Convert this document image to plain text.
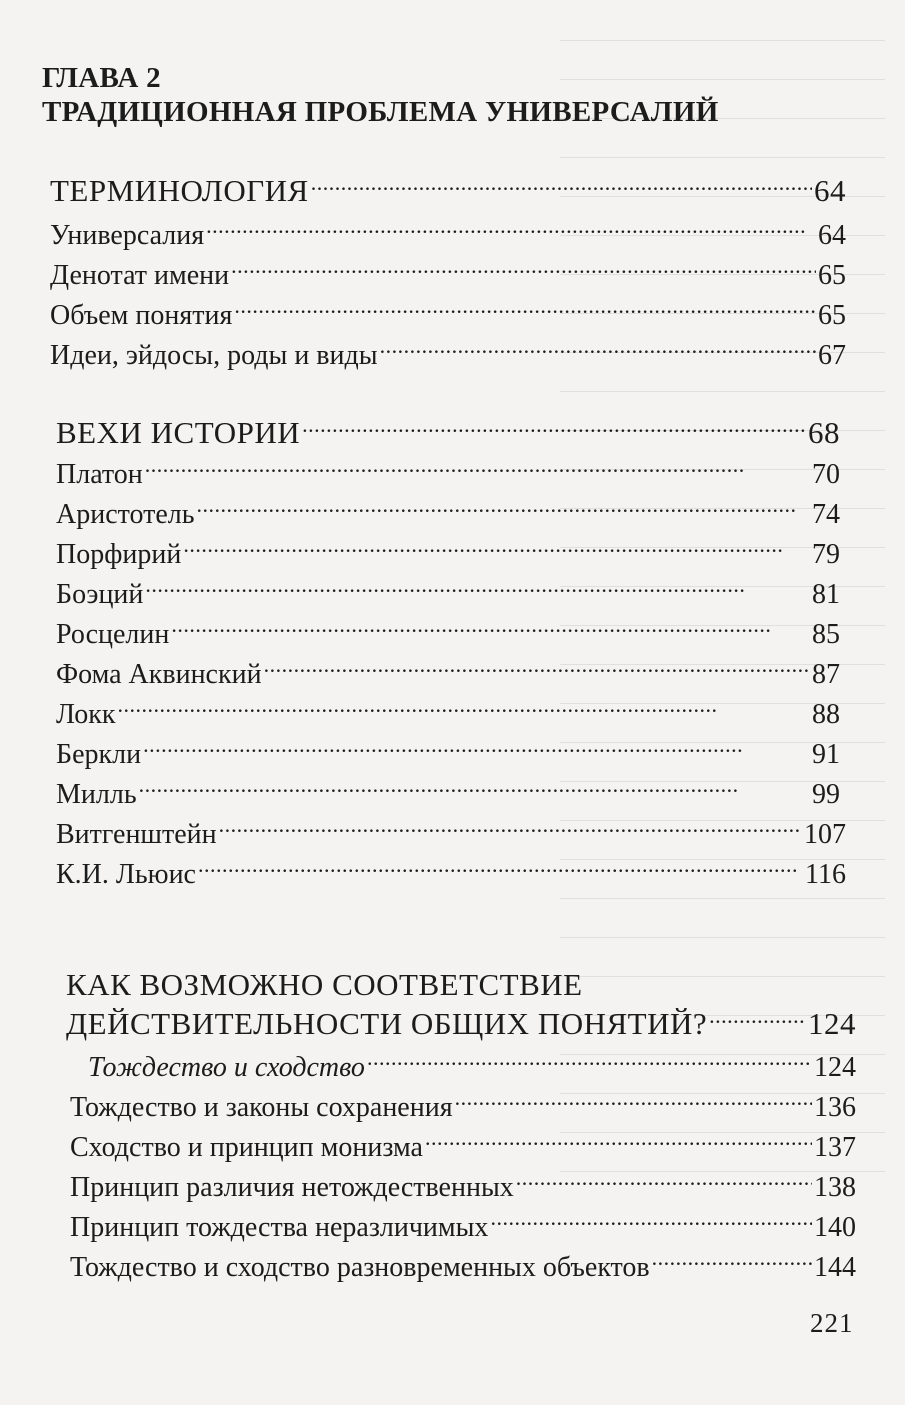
ГЛАВА 2
ТРАДИЦИОННАЯ ПРОБЛЕМА УНИВЕРСАЛИЙ
ТЕРМИНОЛОГИЯ . . .	64
Универсалия . . .	64
Денотат имени . . .	65
Объем понятия . . .	65
Идеи, эйдосы, роды и виды . . .	67
ВЕХИ ИСТОРИИ . . .	68
Платон . . .	70
Аристотель . . .	74
Порфирий . . .	79
Боэций . . .	81
Росцелин . . .	85
Фома Аквинский . . .	87
Локк . . .	88
Беркли . . .	91
Милль . . .	99
Витгенштейн . . .	107
К.И. Льюис . . .	116
КАК ВОЗМОЖНО СООТВЕТСТВИЕ
ДЕЙСТВИТЕЛЬНОСТИ ОБЩИХ ПОНЯТИЙ? . . .	124
Тождество и сходство . . .	124
Тождество и законы сохранения . . .	136
Сходство и принцип монизма . . .	137
Принцип различия нетождественных . . .	138
Принцип тождества неразличимых . . .	140
Тождество и сходство разновременных объектов . . .	144
221
